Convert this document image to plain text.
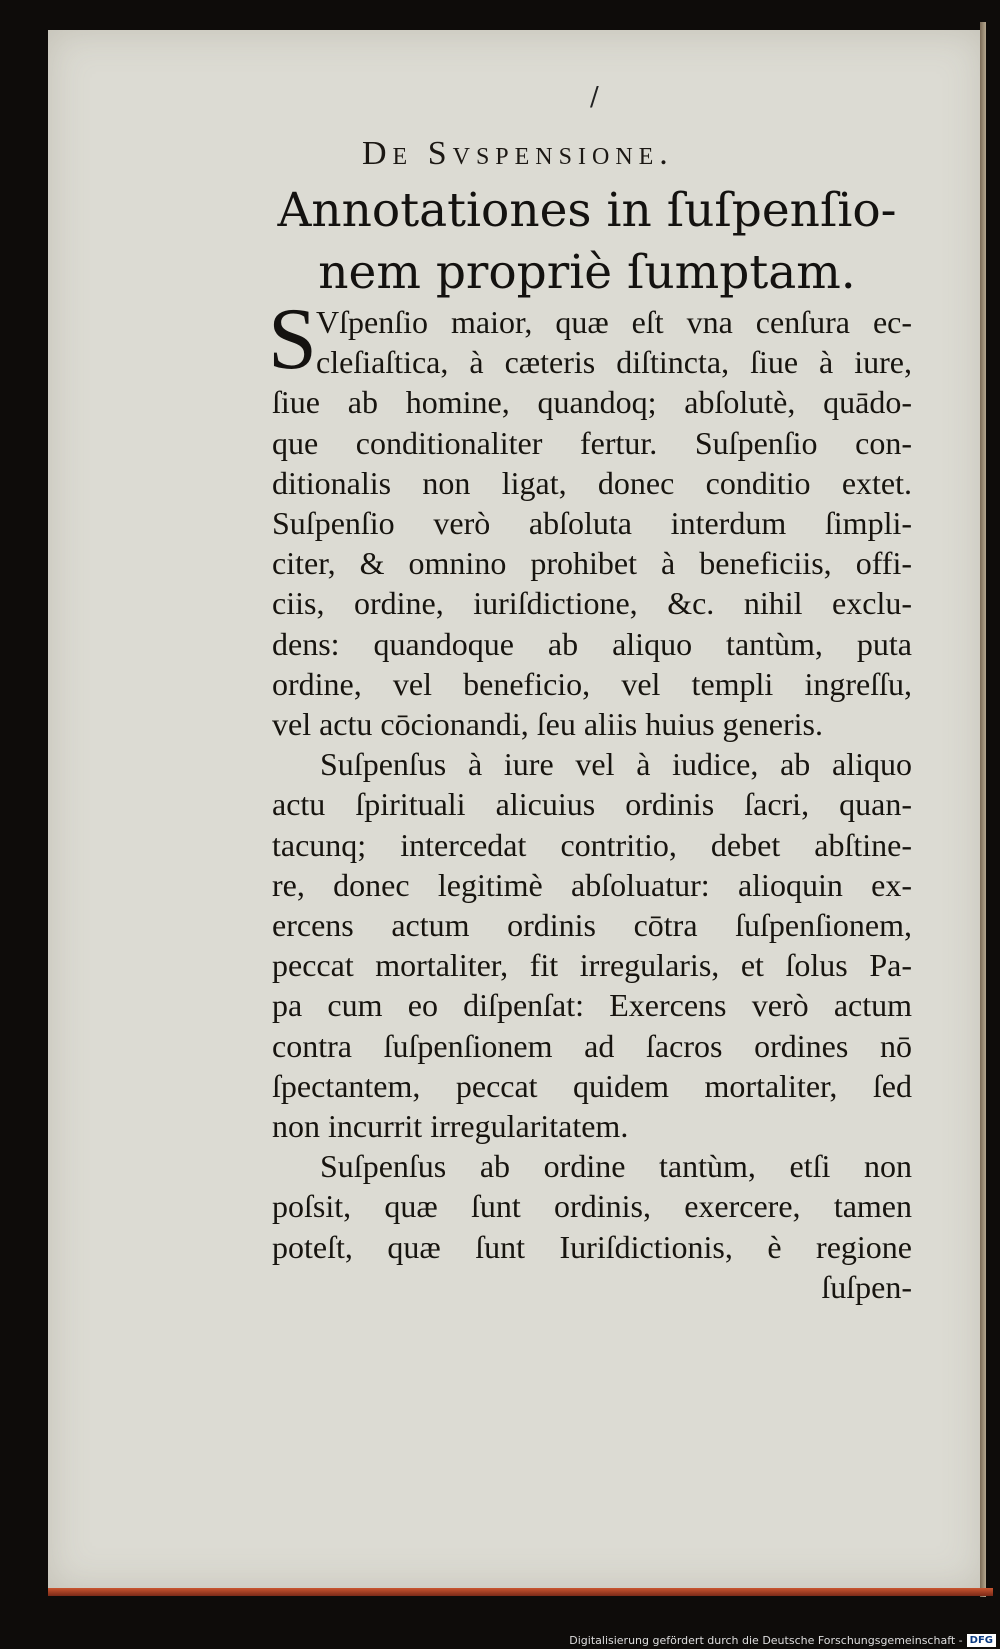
/
De Svspensione.
Annotationes in ſuſpenſio-
nem propriè ſumptam.
S Vſpenſio maior, quæ eſt vna cenſura ec-
cleſiaſtica, à cæteris diſtincta, ſiue à iure,
ſiue ab homine, quandoq; abſolutè, quādo-
que conditionaliter fertur. Suſpenſio con-
ditionalis non ligat, donec conditio extet.
Suſpenſio verò abſoluta interdum ſimpli-
citer, & omnino prohibet à beneficiis, offi-
ciis, ordine, iuriſdictione, &c. nihil exclu-
dens: quandoque ab aliquo tantùm, puta
ordine, vel beneficio, vel templi ingreſſu,
vel actu cōcionandi, ſeu aliis huius generis.
Suſpenſus à iure vel à iudice, ab aliquo
actu ſpirituali alicuius ordinis ſacri, quan-
tacunq; intercedat contritio, debet abſtine-
re, donec legitimè abſoluatur: alioquin ex-
ercens actum ordinis cōtra ſuſpenſionem,
peccat mortaliter, fit irregularis, et ſolus Pa-
pa cum eo diſpenſat: Exercens verò actum
contra ſuſpenſionem ad ſacros ordines nō
ſpectantem, peccat quidem mortaliter, ſed
non incurrit irregularitatem.
Suſpenſus ab ordine tantùm, etſi non
poſsit, quæ ſunt ordinis, exercere, tamen
poteſt, quæ ſunt Iuriſdictionis, è regione
ſuſpen-
Digitalisierung gefördert durch die Deutsche Forschungsgemeinschaft - DFG
